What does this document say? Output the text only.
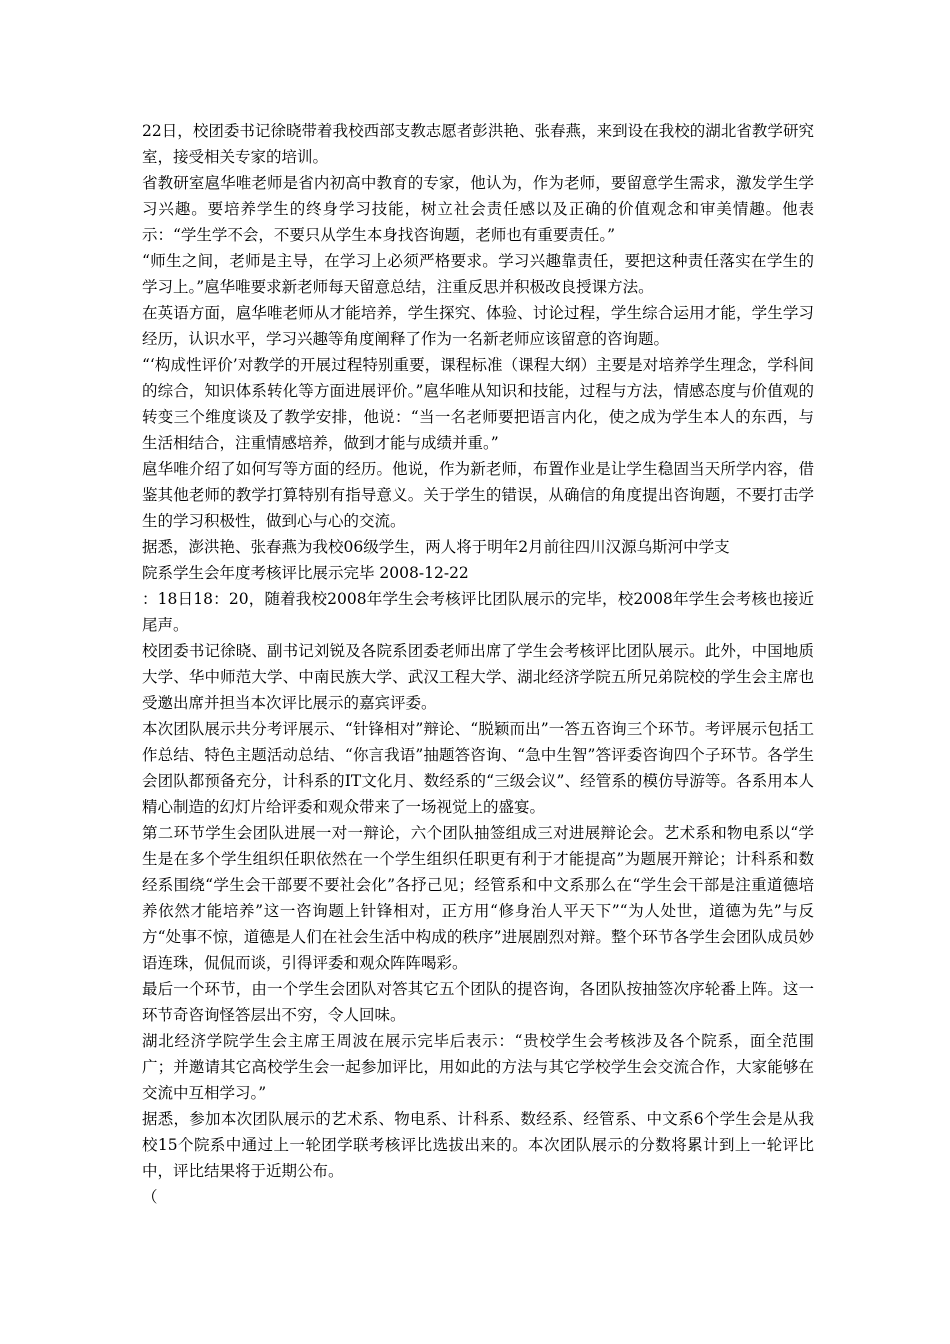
22日，校团委书记徐晓带着我校西部支教志愿者彭洪艳、张春燕，来到设在我校的湖北省教学研究室，接受相关专家的培训。

省教研室扈华唯老师是省内初高中教育的专家，他认为，作为老师，要留意学生需求，激发学生学习兴趣。要培养学生的终身学习技能，树立社会责任感以及正确的价值观念和审美情趣。他表示：“学生学不会，不要只从学生本身找咨询题，老师也有重要责任。”

“师生之间，老师是主导，在学习上必须严格要求。学习兴趣靠责任，要把这种责任落实在学生的学习上。”扈华唯要求新老师每天留意总结，注重反思并积极改良授课方法。

在英语方面，扈华唯老师从才能培养，学生探究、体验、讨论过程，学生综合运用才能，学生学习经历，认识水平，学习兴趣等角度阐释了作为一名新老师应该留意的咨询题。

“‘构成性评价’对教学的开展过程特别重要，课程标准（课程大纲）主要是对培养学生理念，学科间的综合，知识体系转化等方面进展评价。”扈华唯从知识和技能，过程与方法，情感态度与价值观的转变三个维度谈及了教学安排，他说：“当一名老师要把语言内化，使之成为学生本人的东西，与生活相结合，注重情感培养，做到才能与成绩并重。”

扈华唯介绍了如何写等方面的经历。他说，作为新老师，布置作业是让学生稳固当天所学内容，借鉴其他老师的教学打算特别有指导意义。关于学生的错误，从确信的角度提出咨询题，不要打击学生的学习积极性，做到心与心的交流。

据悉，澎洪艳、张春燕为我校06级学生，两人将于明年2月前往四川汉源乌斯河中学支

院系学生会年度考核评比展示完毕 2008-12-22

：18日18：20，随着我校2008年学生会考核评比团队展示的完毕，校2008年学生会考核也接近尾声。

校团委书记徐晓、副书记刘锐及各院系团委老师出席了学生会考核评比团队展示。此外，中国地质大学、华中师范大学、中南民族大学、武汉工程大学、湖北经济学院五所兄弟院校的学生会主席也受邀出席并担当本次评比展示的嘉宾评委。

本次团队展示共分考评展示、“针锋相对”辩论、“脱颖而出”一答五咨询三个环节。考评展示包括工作总结、特色主题活动总结、“你言我语”抽题答咨询、“急中生智”答评委咨询四个子环节。各学生会团队都预备充分，计科系的IT文化月、数经系的“三级会议”、经管系的模仿导游等。各系用本人精心制造的幻灯片给评委和观众带来了一场视觉上的盛宴。

第二环节学生会团队进展一对一辩论，六个团队抽签组成三对进展辩论会。艺术系和物电系以“学生是在多个学生组织任职依然在一个学生组织任职更有利于才能提高”为题展开辩论；计科系和数经系围绕“学生会干部要不要社会化”各抒己见；经管系和中文系那么在“学生会干部是注重道德培养依然才能培养”这一咨询题上针锋相对，正方用“修身治人平天下”“为人处世，道德为先”与反方“处事不惊，道德是人们在社会生活中构成的秩序”进展剧烈对辩。整个环节各学生会团队成员妙语连珠，侃侃而谈，引得评委和观众阵阵喝彩。

最后一个环节，由一个学生会团队对答其它五个团队的提咨询，各团队按抽签次序轮番上阵。这一环节奇咨询怪答层出不穷，令人回味。

湖北经济学院学生会主席王周波在展示完毕后表示：“贵校学生会考核涉及各个院系，面全范围广；并邀请其它高校学生会一起参加评比，用如此的方法与其它学校学生会交流合作，大家能够在交流中互相学习。”

据悉，参加本次团队展示的艺术系、物电系、计科系、数经系、经管系、中文系6个学生会是从我校15个院系中通过上一轮团学联考核评比选拔出来的。本次团队展示的分数将累计到上一轮评比中，评比结果将于近期公布。

（
